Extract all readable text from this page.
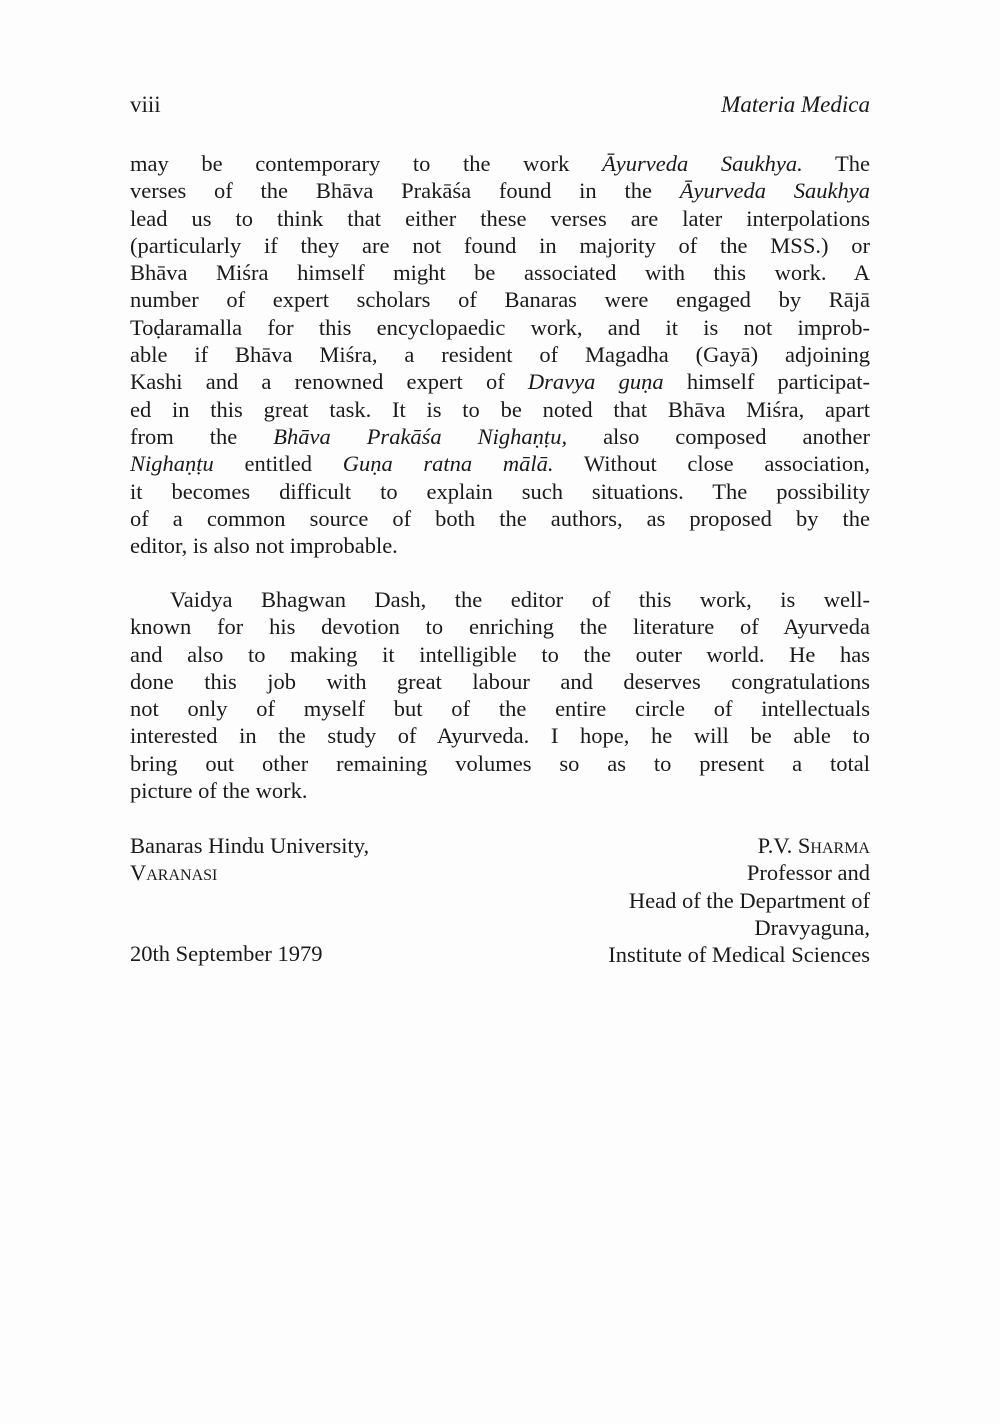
viii	Materia Medica
may be contemporary to the work Āyurveda Saukhya. The
verses of the Bhāva Prakāśa found in the Āyurveda Saukhya
lead us to think that either these verses are later interpolations
(particularly if they are not found in majority of the MSS.) or
Bhāva Miśra himself might be associated with this work. A
number of expert scholars of Banaras were engaged by Rājā
Toḍaramalla for this encyclopaedic work, and it is not improb-
able if Bhāva Miśra, a resident of Magadha (Gayā) adjoining
Kashi and a renowned expert of Dravya guṇa himself participat-
ed in this great task. It is to be noted that Bhāva Miśra, apart
from the Bhāva Prakāśa Nighaṇṭu, also composed another
Nighaṇṭu entitled Guṇa ratna mālā. Without close association,
it becomes difficult to explain such situations. The possibility
of a common source of both the authors, as proposed by the
editor, is also not improbable.
Vaidya Bhagwan Dash, the editor of this work, is well-
known for his devotion to enriching the literature of Ayurveda
and also to making it intelligible to the outer world. He has
done this job with great labour and deserves congratulations
not only of myself but of the entire circle of intellectuals
interested in the study of Ayurveda. I hope, he will be able to
bring out other remaining volumes so as to present a total
picture of the work.
Banaras Hindu University,
Varanasi
20th September 1979
P.V. Sharma
Professor and
Head of the Department of
Dravyaguna,
Institute of Medical Sciences
